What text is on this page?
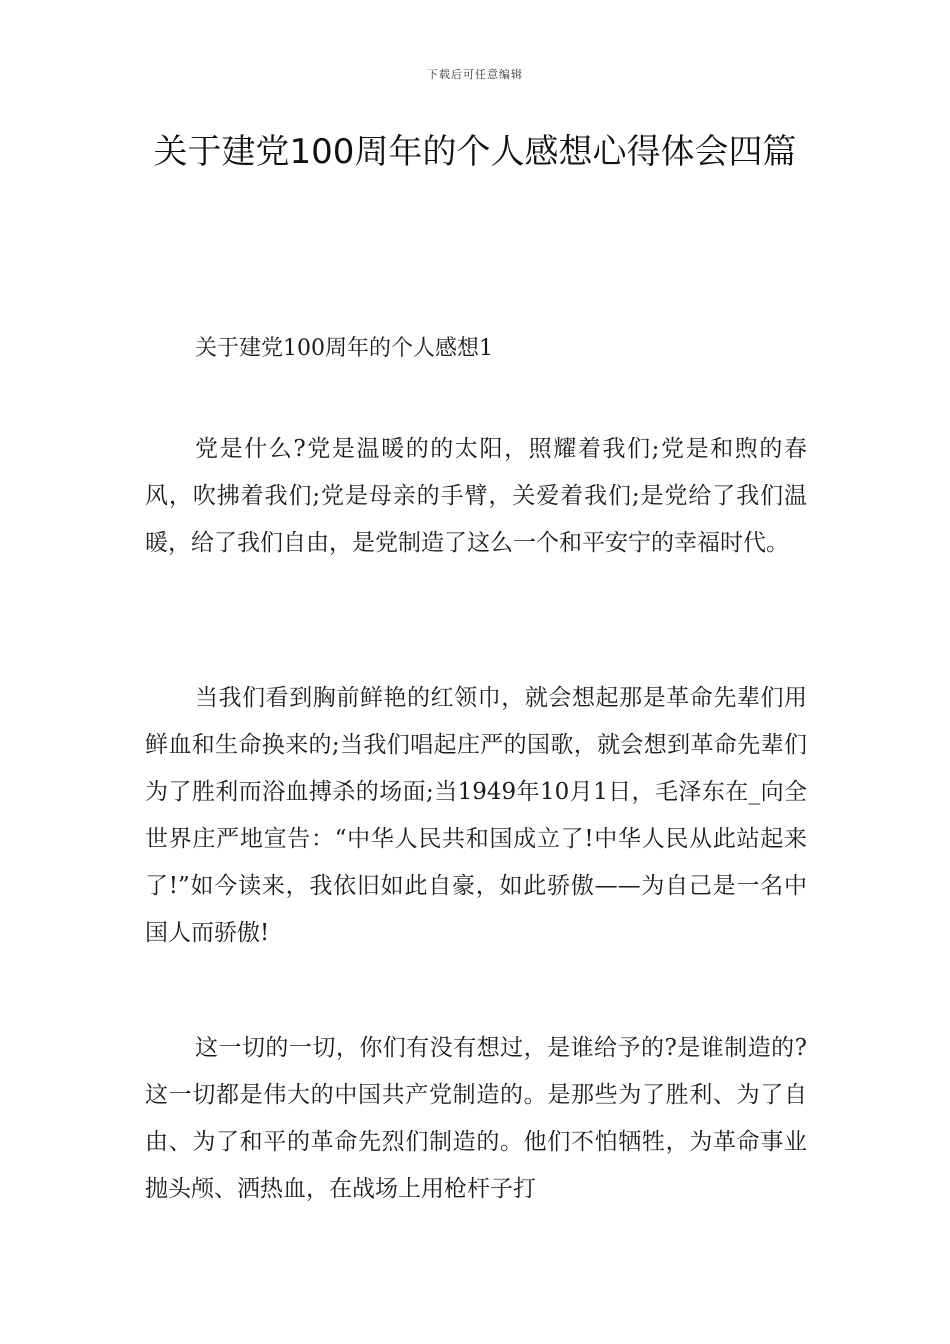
下载后可任意编辑
关于建党100周年的个人感想心得体会四篇
关于建党100周年的个人感想1

党是什么?党是温暖的的太阳，照耀着我们;党是和煦的春风，吹拂着我们;党是母亲的手臂，关爱着我们;是党给了我们温暖，给了我们自由，是党制造了这么一个和平安宁的幸福时代。

当我们看到胸前鲜艳的红领巾，就会想起那是革命先辈们用鲜血和生命换来的;当我们唱起庄严的国歌，就会想到革命先辈们为了胜利而浴血搏杀的场面;当1949年10月1日，毛泽东在_向全世界庄严地宣告：“中华人民共和国成立了!中华人民从此站起来了!”如今读来，我依旧如此自豪，如此骄傲——为自己是一名中国人而骄傲!

这一切的一切，你们有没有想过，是谁给予的?是谁制造的?这一切都是伟大的中国共产党制造的。是那些为了胜利、为了自由、为了和平的革命先烈们制造的。他们不怕牺牲，为革命事业抛头颅、洒热血，在战场上用枪杆子打
